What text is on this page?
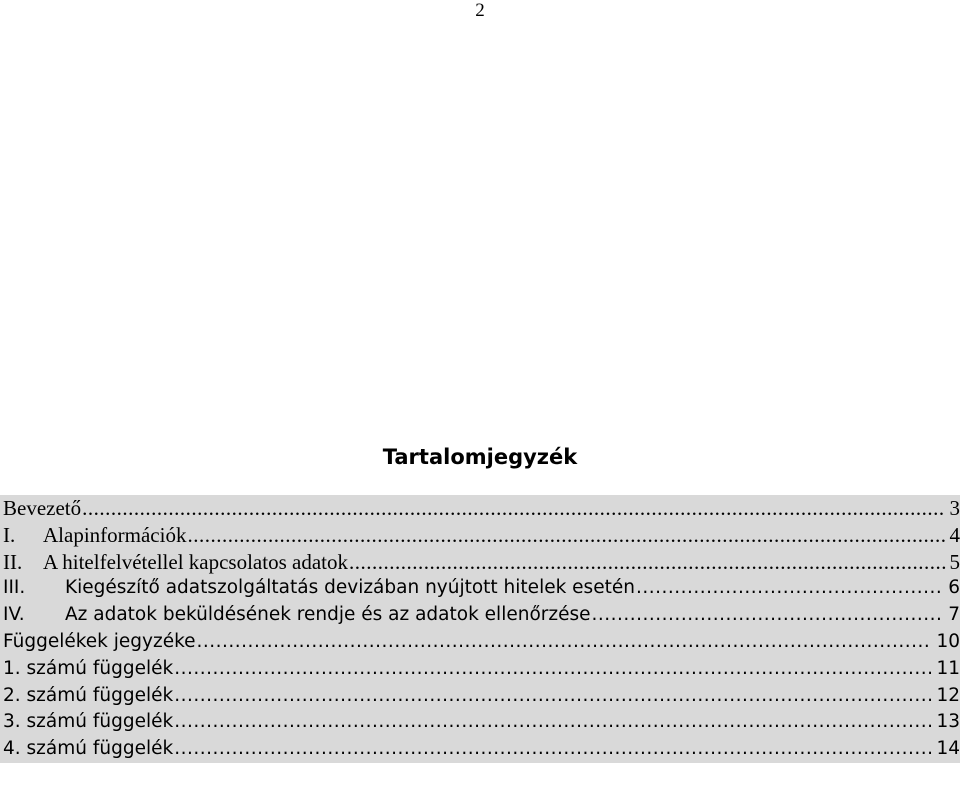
2
Tartalomjegyzék
Bevezető .....	3
I.	Alapinformációk .....	4
II. A hitelfelvétellel kapcsolatos adatok .....	5
III.	Kiegészítő adatszolgáltatás devizában nyújtott hitelek esetén .....	6
IV.	Az adatok beküldésének rendje és az adatok ellenőrzése .....	7
Függelékek jegyzéke .....	10
1. számú függelék .....	11
2. számú függelék .....	12
3. számú függelék .....	13
4. számú függelék .....	14
